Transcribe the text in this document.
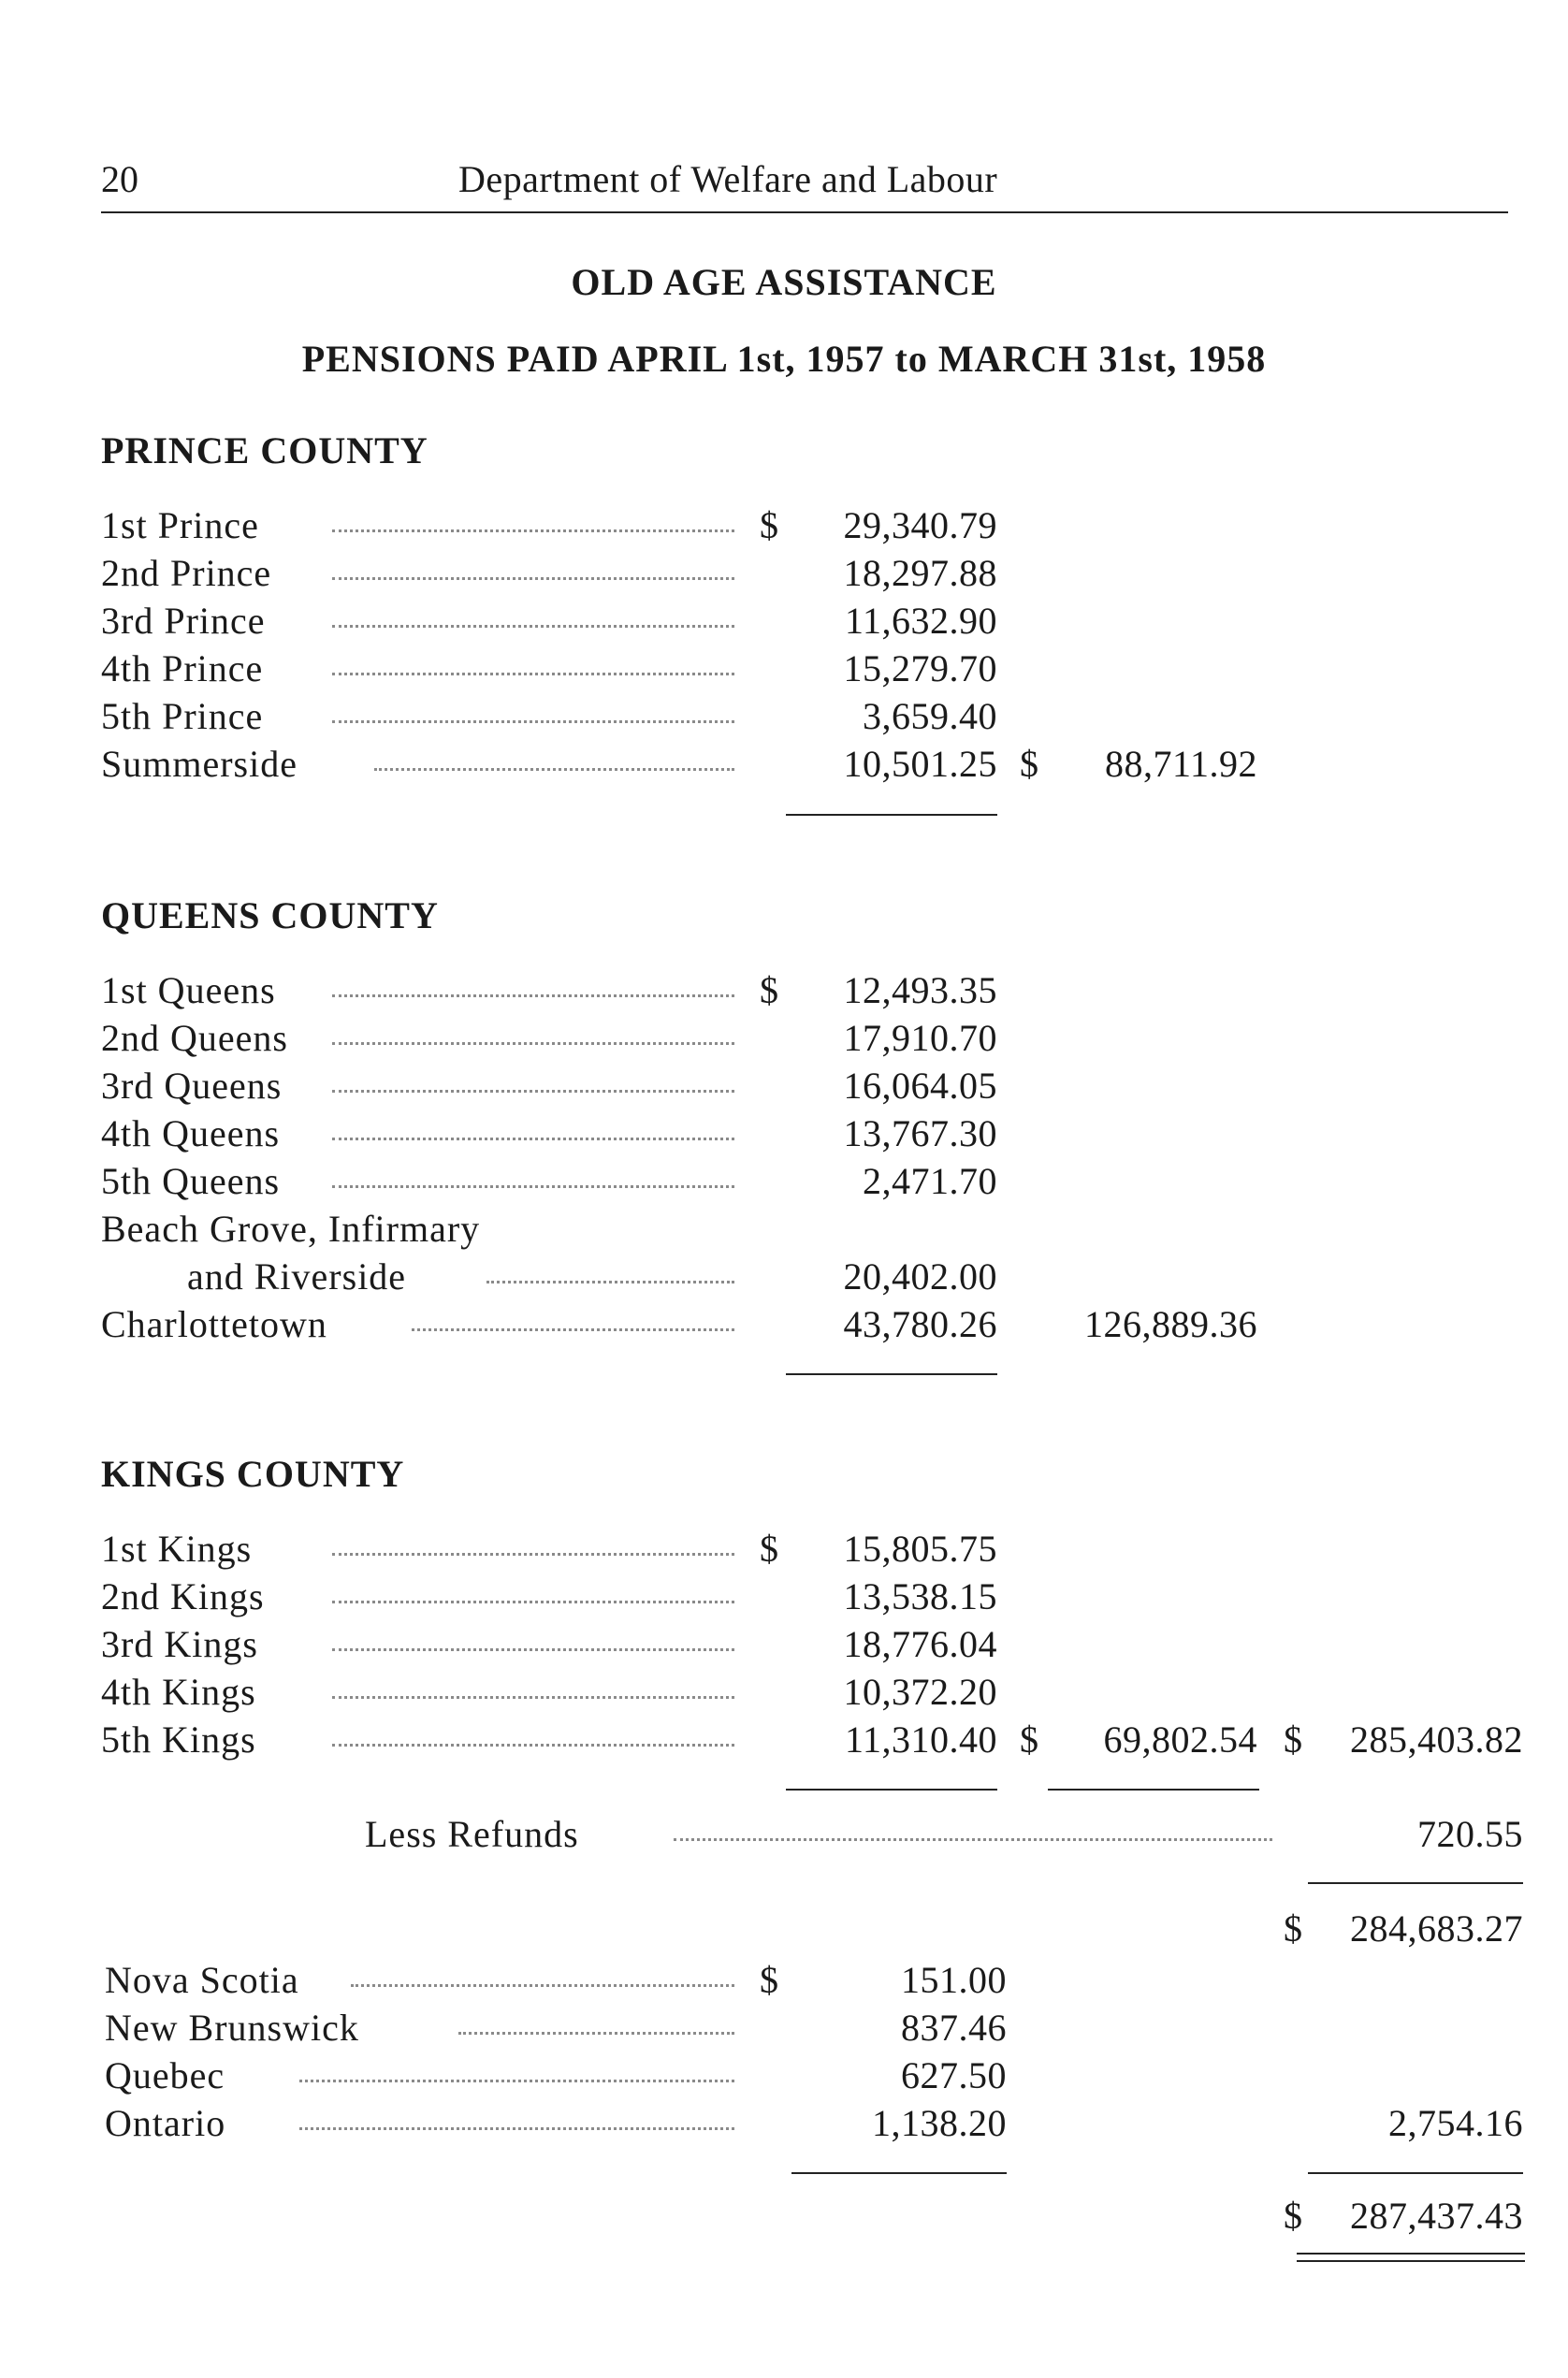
20	Department of Welfare and Labour
OLD AGE ASSISTANCE
PENSIONS PAID APRIL 1st, 1957 to MARCH 31st, 1958
PRINCE COUNTY
1st Prince	$ 29,340.79
2nd Prince	18,297.88
3rd Prince	11,632.90
4th Prince	15,279.70
5th Prince	3,659.40
Summerside	10,501.25 $ 88,711.92
QUEENS COUNTY
1st Queens	$ 12,493.35
2nd Queens	17,910.70
3rd Queens	16,064.05
4th Queens	13,767.30
5th Queens	2,471.70
Beach Grove, Infirmary
and Riverside	20,402.00
Charlottetown	43,780.26 126,889.36
KINGS COUNTY
1st Kings	$ 15,805.75
2nd Kings	13,538.15
3rd Kings	18,776.04
4th Kings	10,372.20
5th Kings	11,310.40 $ 69,802.54 $ 285,403.82
Less Refunds	720.55
$ 284,683.27
Nova Scotia	$	151.00
New Brunswick	837.46
Quebec	627.50
Ontario	1,138.20	2,754.16
$ 287,437.43
